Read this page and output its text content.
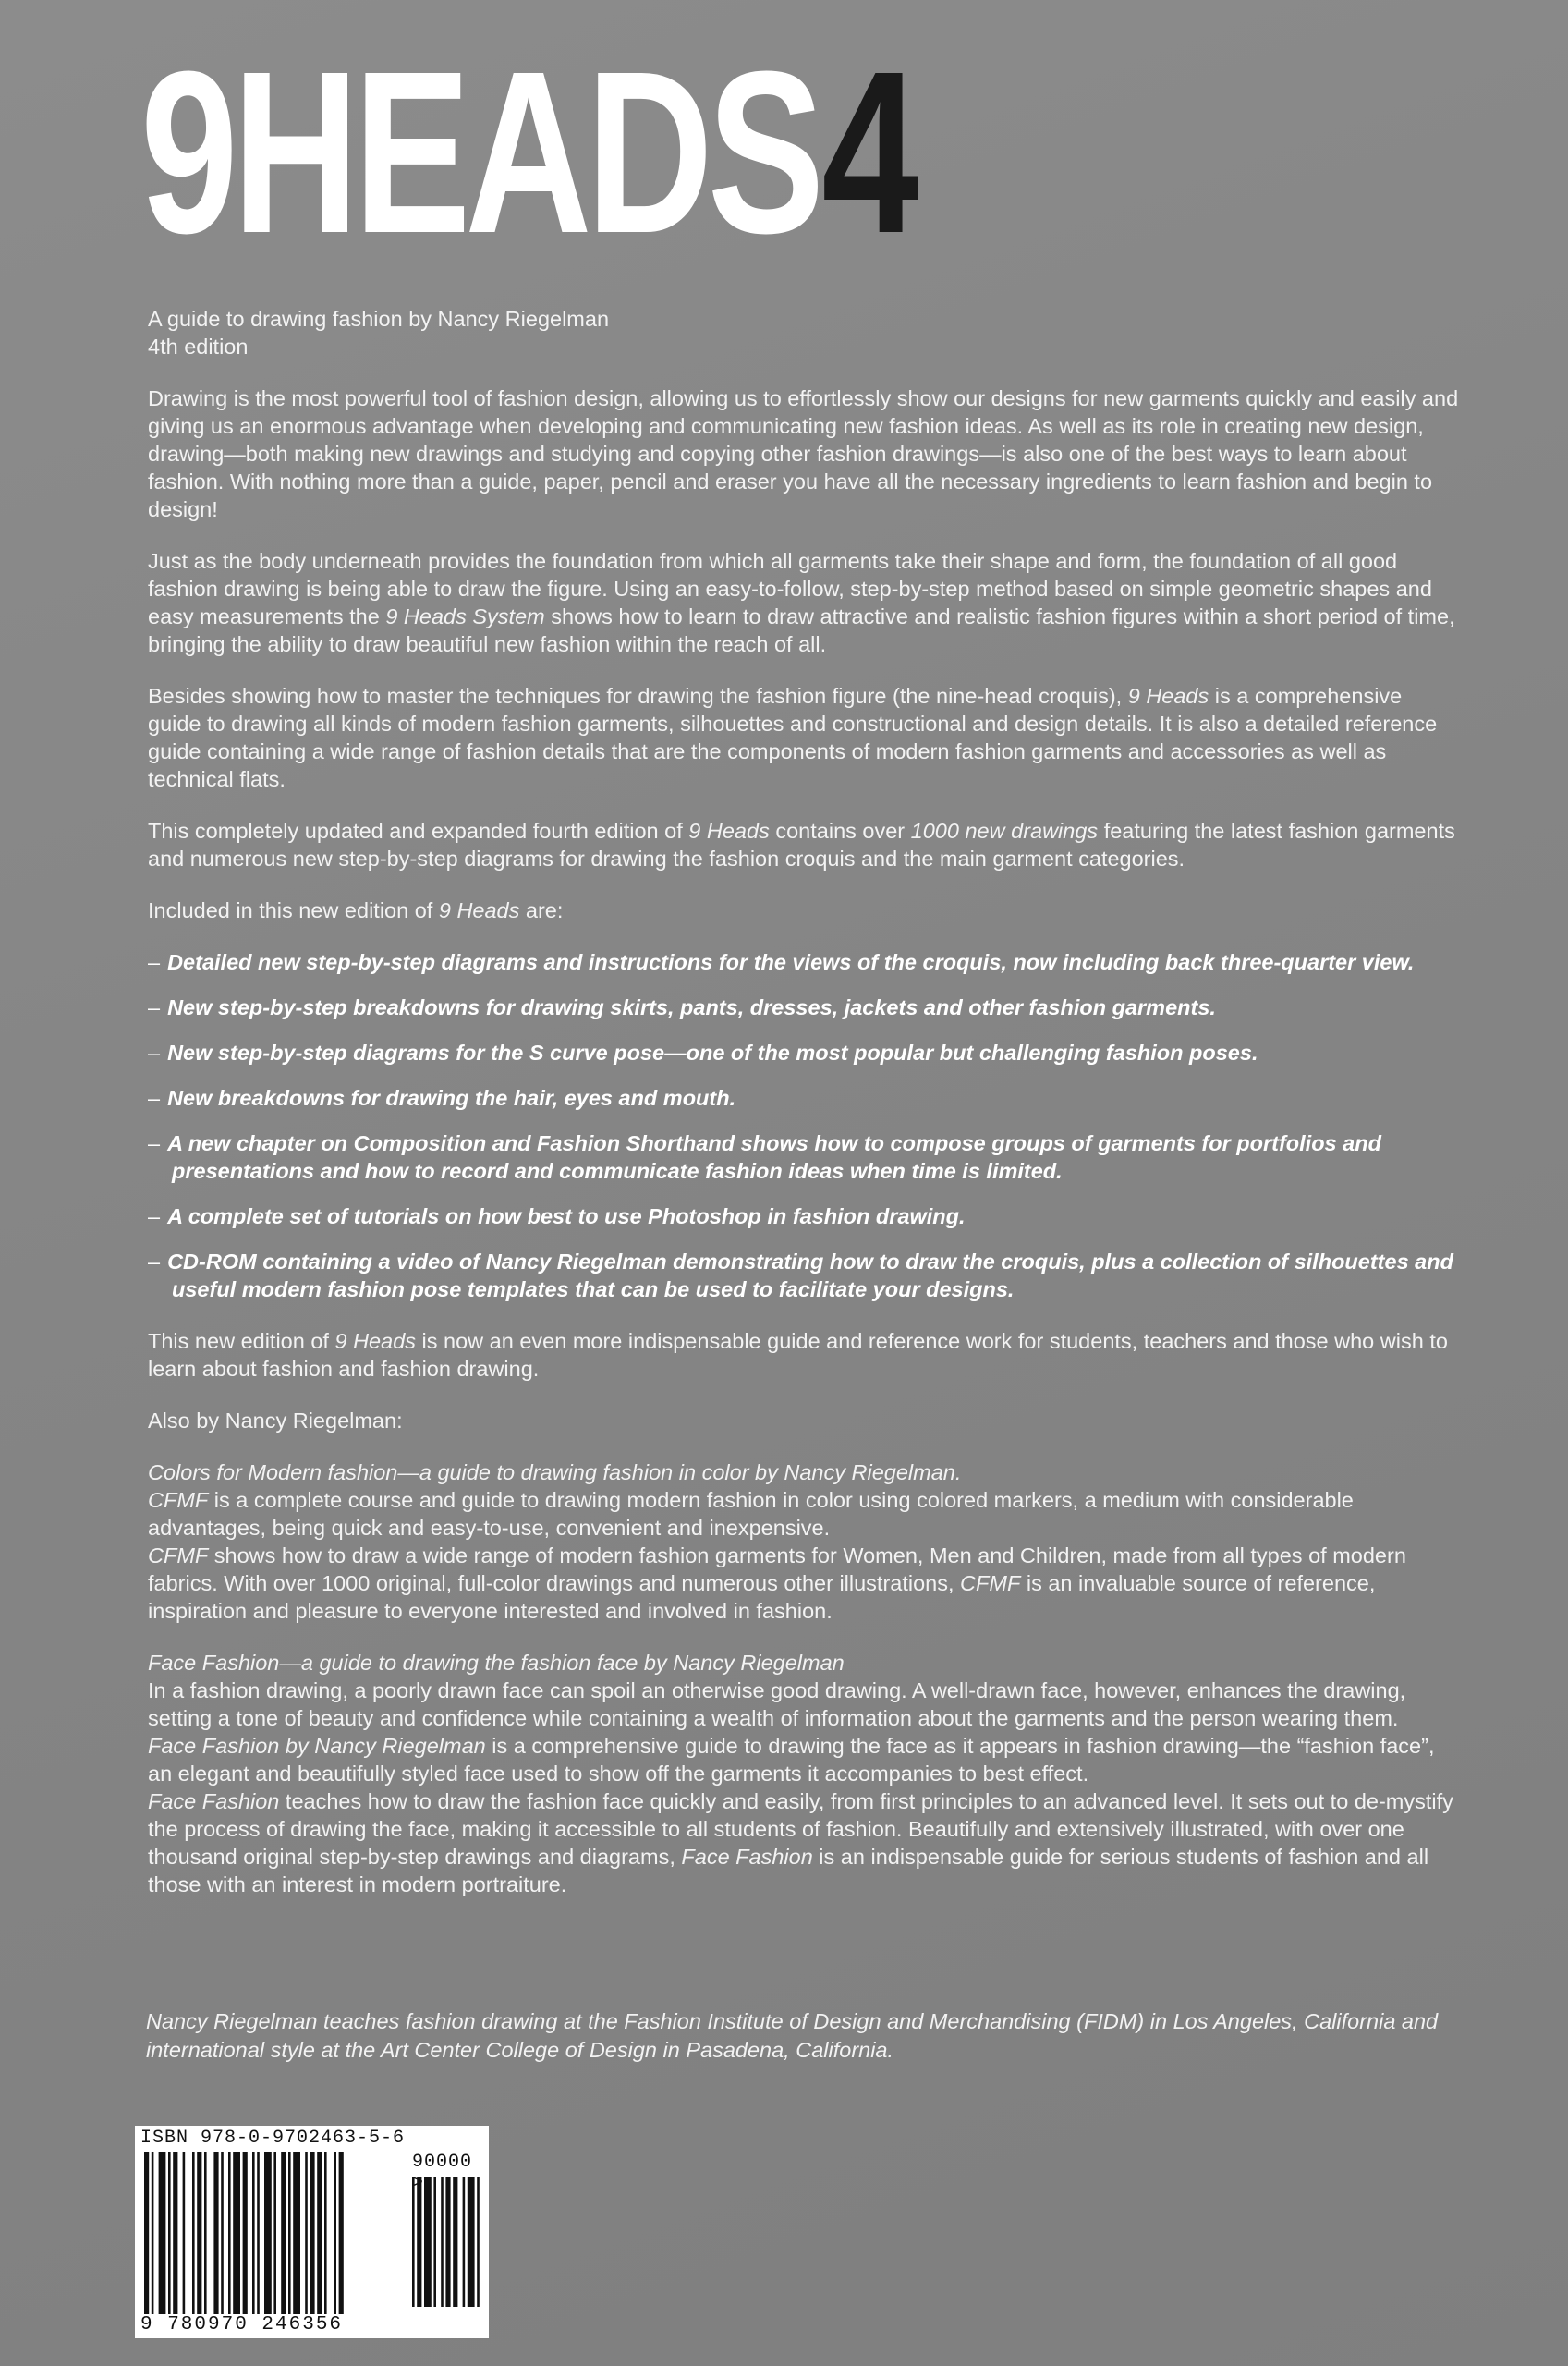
9HEADS4

A guide to drawing fashion by Nancy Riegelman
4th edition

Drawing is the most powerful tool of fashion design, allowing us to effortlessly show our designs for new garments quickly and easily and giving us an enormous advantage when developing and communicating new fashion ideas. As well as its role in creating new design, drawing—both making new drawings and studying and copying other fashion drawings—is also one of the best ways to learn about fashion. With nothing more than a guide, paper, pencil and eraser you have all the necessary ingredients to learn fashion and begin to design!

Just as the body underneath provides the foundation from which all garments take their shape and form, the foundation of all good fashion drawing is being able to draw the figure. Using an easy-to-follow, step-by-step method based on simple geometric shapes and easy measurements the 9 Heads System shows how to learn to draw attractive and realistic fashion figures within a short period of time, bringing the ability to draw beautiful new fashion within the reach of all.

Besides showing how to master the techniques for drawing the fashion figure (the nine-head croquis), 9 Heads is a comprehensive guide to drawing all kinds of modern fashion garments, silhouettes and constructional and design details. It is also a detailed reference guide containing a wide range of fashion details that are the components of modern fashion garments and accessories as well as technical flats.

This completely updated and expanded fourth edition of 9 Heads contains over 1000 new drawings featuring the latest fashion garments and numerous new step-by-step diagrams for drawing the fashion croquis and the main garment categories.

Included in this new edition of 9 Heads are:

– Detailed new step-by-step diagrams and instructions for the views of the croquis, now including back three-quarter view.
– New step-by-step breakdowns for drawing skirts, pants, dresses, jackets and other fashion garments.
– New step-by-step diagrams for the S curve pose—one of the most popular but challenging fashion poses.
– New breakdowns for drawing the hair, eyes and mouth.
– A new chapter on Composition and Fashion Shorthand shows how to compose groups of garments for portfolios and presentations and how to record and communicate fashion ideas when time is limited.
– A complete set of tutorials on how best to use Photoshop in fashion drawing.
– CD-ROM containing a video of Nancy Riegelman demonstrating how to draw the croquis, plus a collection of silhouettes and useful modern fashion pose templates that can be used to facilitate your designs.

This new edition of 9 Heads is now an even more indispensable guide and reference work for students, teachers and those who wish to learn about fashion and fashion drawing.

Also by Nancy Riegelman:

Colors for Modern fashion—a guide to drawing fashion in color by Nancy Riegelman.

CFMF is a complete course and guide to drawing modern fashion in color using colored markers, a medium with considerable advantages, being quick and easy-to-use, convenient and inexpensive.

CFMF shows how to draw a wide range of modern fashion garments for Women, Men and Children, made from all types of modern fabrics. With over 1000 original, full-color drawings and numerous other illustrations, CFMF is an invaluable source of reference, inspiration and pleasure to everyone interested and involved in fashion.

Face Fashion—a guide to drawing the fashion face by Nancy Riegelman

In a fashion drawing, a poorly drawn face can spoil an otherwise good drawing. A well-drawn face, however, enhances the drawing, setting a tone of beauty and confidence while containing a wealth of information about the garments and the person wearing them.

Face Fashion by Nancy Riegelman is a comprehensive guide to drawing the face as it appears in fashion drawing—the “fashion face”, an elegant and beautifully styled face used to show off the garments it accompanies to best effect.

Face Fashion teaches how to draw the fashion face quickly and easily, from first principles to an advanced level. It sets out to de-mystify the process of drawing the face, making it accessible to all students of fashion. Beautifully and extensively illustrated, with over one thousand original step-by-step drawings and diagrams, Face Fashion is an indispensable guide for serious students of fashion and all those with an interest in modern portraiture.

Nancy Riegelman teaches fashion drawing at the Fashion Institute of Design and Merchandising (FIDM) in Los Angeles, California and international style at the Art Center College of Design in Pasadena, California.
ISBN 978-0-9702463-5-6
90000 >
9 780970 246356
